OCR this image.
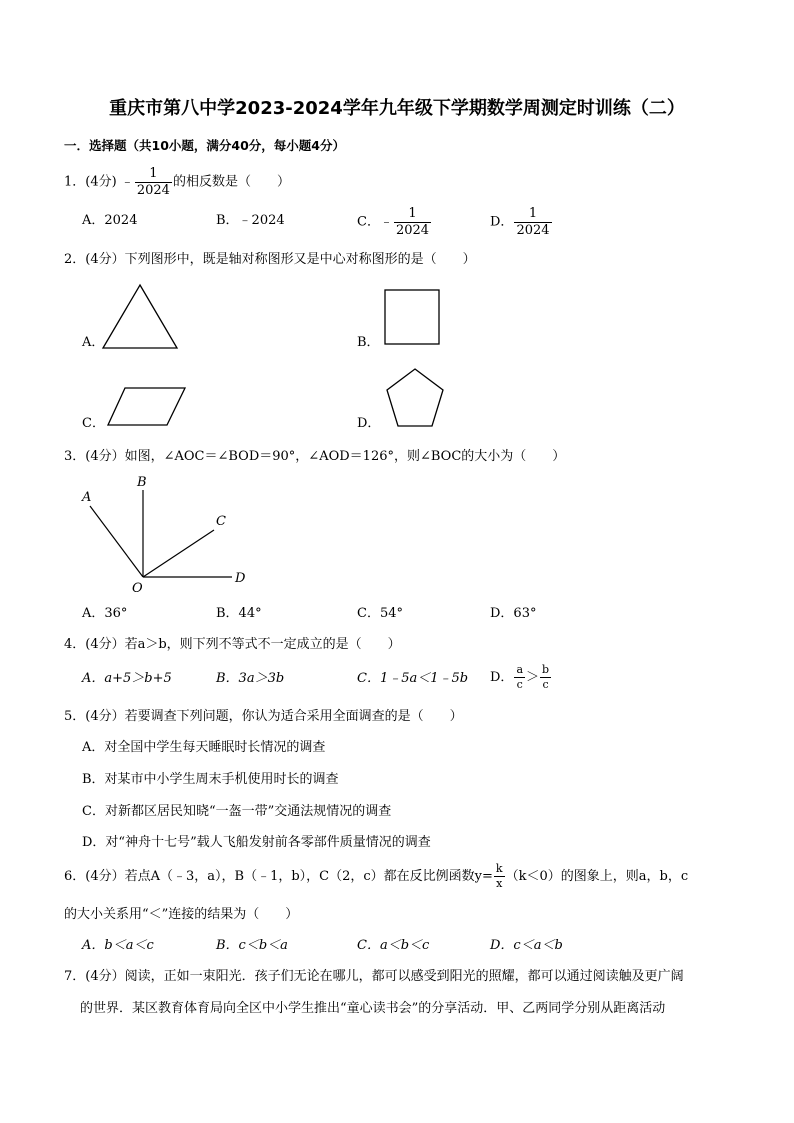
重庆市第八中学2023-2024学年九年级下学期数学周测定时训练（二）
一．选择题（共10小题，满分40分，每小题4分）
1．(4分) ﹣ $\frac{1}{2024}$ 的相反数是（　　）
A．2024	B．﹣2024	C．﹣ $\frac{1}{2024}$	D． $\frac{1}{2024}$
2．(4分）下列图形中，既是轴对称图形又是中心对称图形的是（　　）
A．	B．
C．	D．
3．(4分）如图，∠AOC＝∠BOD＝90°，∠AOD＝126°，则∠BOC的大小为（　　）
A
B
C
D
O
A．36°	B．44°	C．54°	D．63°
4．(4分）若a＞b，则下列不等式不一定成立的是（　　）
A．a+5＞b+5	B．3a＞3b	C．1﹣5a＜1﹣5b D． $\frac{a}{c} > \frac{b}{c}$
5．(4分）若要调查下列问题，你认为适合采用全面调查的是（　　）
A．对全国中学生每天睡眠时长情况的调查
B．对某市中小学生周末手机使用时长的调查
C．对新都区居民知晓“一盔一带”交通法规情况的调查
D．对“神舟十七号”载人飞船发射前各零部件质量情况的调查
6．(4分）若点A（﹣3，a），B（﹣1，b），C（2，c）都在反比例函数$y= \frac{k}{x} (k<0)$的图象上，则a，b，c
的大小关系用“＜”连接的结果为（　　）
A．b＜a＜c	B．c＜b＜a	C．a＜b＜c	D．c＜a＜b
7．(4分）阅读，正如一束阳光．孩子们无论在哪儿，都可以感受到阳光的照耀，都可以通过阅读触及更广阔
的世界．某区教育体育局向全区中小学生推出“童心读书会”的分享活动．甲、乙两同学分别从距离活动
